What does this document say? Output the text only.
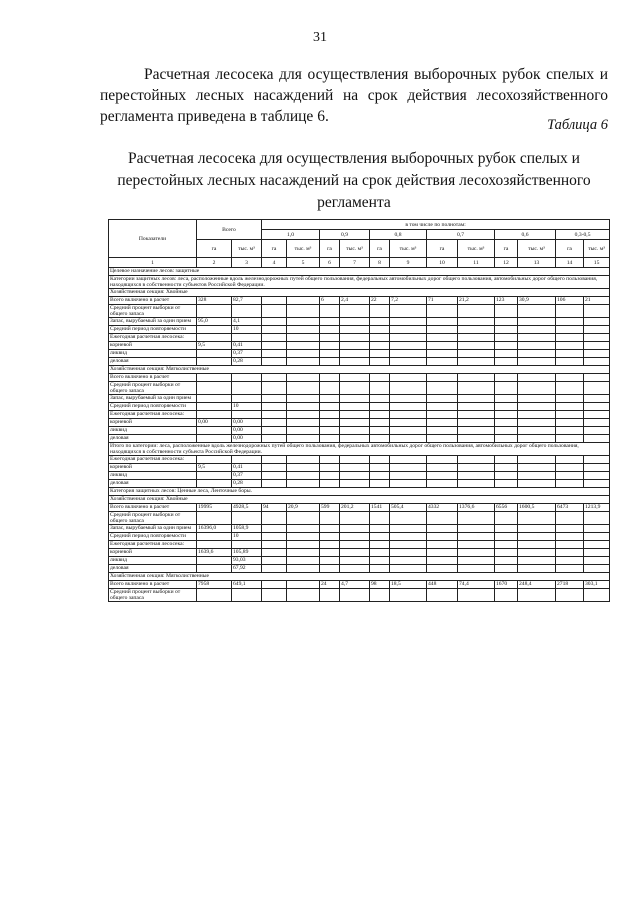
31

Расчетная лесосека для осуществления выборочных рубок спелых и перестойных лесных насаждений на срок действия лесохозяйственного регламента приведена в таблице 6.	Таблица 6
Расчетная лесосека для осуществления выборочных рубок спелых и перестойных лесных насаждений на срок действия лесохозяйственного регламента
Показатели	Всего		в том числе по полнотам:											
			1,0		0,9		0,8		0,7		0,6		0,3-0,5	
	га	тыс. м³	га	тыс. м³	га	тыс. м³	га	тыс. м³	га	тыс. м³	га	тыс. м³	га	тыс. м³
1	2	3	4	5	6	7	8	9	10	11	12	13	14	15
Целевое назначение лесов: защитные														
Категории защитных лесов: леса, расположенные вдоль железнодорожных путей общего пользования, федеральных автомобильных дорог общего пользования, автомобильных дорог общего пользования, находящихся в собственности субъектов Российской Федерации.														
Хозяйственная секция: Хвойные														
Всего включено в расчет	328	82,7			6	2,4	22	7,2	71	21,2	123	30,9	106	21
Средний процент выборки от общего запаса														
Запас, вырубаемый за один прием	95,0	4,1												
Средний период повторяемости		10												
Ежегодная расчетная лесосека:														
корневой	9,5	0,41												
ликвид		0,37												
деловая		0,28												
Хозяйственная секция: Мягколиственные														
Всего включено в расчет														
Средний процент выборки от общего запаса														
Запас, вырубаемый за один прием														
Средний период повторяемости		10												
Ежегодная расчетная лесосека:														
корневой	0,00	0,00												
ликвид		0,00												
деловая		0,00												
Итого по категории: леса, расположенные вдоль железнодорожных путей общего пользования, федеральных автомобильных дорог общего пользования, автомобильных дорог общего пользования, находящихся в собственности субъекта Российской Федерации.														
Ежегодная расчетная лесосека:														
корневой	9,5	0,41												
ликвид		0,37												
деловая		0,28												
Категория защитных лесов: Ценные леса, Ленточные боры.														
Хозяйственная секция: Хвойные														
Всего включено в расчет	19995	4928,5	94	20,9	599	201,2	1541	505,4	4332	1376,6	6556	1600,5	6473	1213,9
Средний процент выборки от общего запаса														
Запас, вырубаемый за один прием	16396,0	1058,9												
Средний период повторяемости		10												
Ежегодная расчетная лесосека:														
корневой	1639,6	105,89												
ликвид		93,03												
деловая		67,92												
Хозяйственная секция: Мягколиственные														
Всего включено в расчет	7958	649,1			24	4,7	98	18,5	448	74,4	1670	248,4	2718	303,1
Средний процент выборки от общего запаса														
